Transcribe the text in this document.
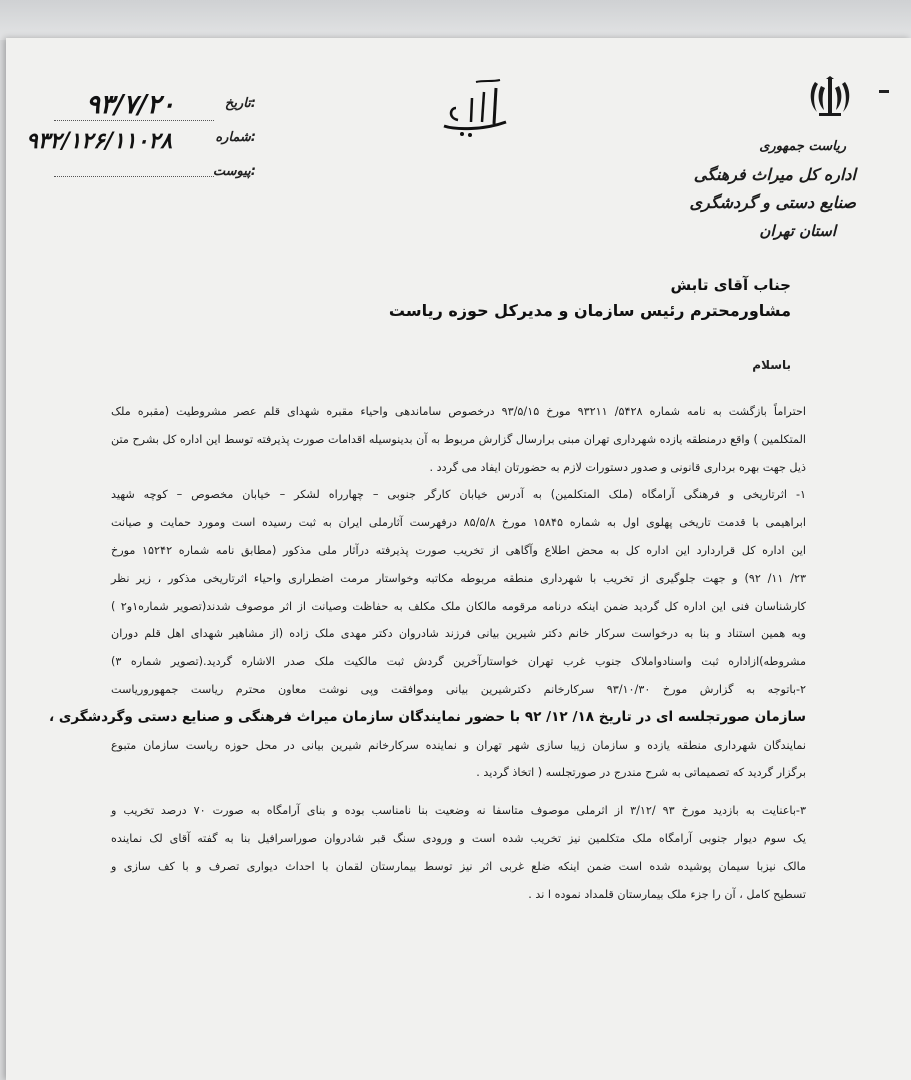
ریاست جمهوری
اداره کل میراث فرهنگی
صنایع دستی و گردشگری
استان تهران
تاریخ:
۹۳/۷/۲۰
شماره:
۹۳۲/۱۲۶/۱۱۰۲۸
پیوست:
جناب آقای تابش
مشاورمحترم رئیس سازمان و مدیرکل حوزه ریاست
باسلام
احتراماً بازگشت به نامه شماره ۵۴۲۸/ ۹۳۲۱۱ مورخ ۹۳/۵/۱۵ درخصوص ساماندهی واحیاء مقبره شهدای قلم عصر مشروطیت (مقبره ملک
المتکلمین ) واقع درمنطقه یازده شهرداری تهران مبنی برارسال گزارش مربوط به آن بدینوسیله اقدامات صورت پذیرفته توسط این اداره کل بشرح متن
ذیل جهت بهره برداری قانونی و صدور دستورات لازم به حضورتان ایفاد می گردد .
۱- اثرتاریخی و فرهنگی آرامگاه (ملک المتکلمین) به آدرس خیابان کارگر جنوبی – چهارراه لشکر – خیابان مخصوص – کوچه شهید
ابراهیمی با قدمت تاریخی پهلوی اول به شماره ۱۵۸۴۵ مورخ ۸۵/۵/۸ درفهرست آثارملی ایران به ثبت رسیده است ومورد حمایت و صیانت
این اداره کل قراردارد این اداره کل به محض اطلاع وآگاهی از تخریب صورت پذیرفته درآثار ملی مذکور (مطابق نامه شماره ۱۵۲۴۲ مورخ
۲۳/ ۱۱/ ۹۲) و جهت جلوگیری از تخریب با شهرداری منطقه مربوطه مکاتبه وخواستار مرمت اضطراری واحیاء اثرتاریخی مذکور ، زیر نظر
کارشناسان فنی این اداره کل گردید ضمن اینکه درنامه مرقومه مالکان ملک مکلف به حفاظت وصیانت از اثر موصوف شدند(تصویر شماره۱و۲ )
وبه همین استناد و بنا به درخواست سرکار خانم دکتر شیرین بیانی فرزند شادروان دکتر مهدی ملک زاده (از مشاهیر شهدای اهل قلم دوران
مشروطه)ازاداره ثبت واسنادواملاک جنوب غرب تهران خواستارآخرین گردش ثبت مالکیت ملک صدر الاشاره گردید.(تصویر شماره ۳)
۲-باتوجه به گزارش مورخ ۹۳/۱۰/۳۰ سرکارخانم دکترشیرین بیانی وموافقت وپی نوشت معاون محترم ریاست جمهوروریاست
سازمان صورتجلسه ای در تاریخ ۱۸/ ۱۲/ ۹۲ با حضور نمایندگان سازمان میراث فرهنگی و صنایع دستی وگردشگری ،
نمایندگان شهرداری منطقه یازده و سازمان زیبا سازی شهر تهران و نماینده سرکارخانم شیرین بیانی در محل حوزه ریاست سازمان متبوع
برگزار گردید که تصمیماتی به شرح مندرج در صورتجلسه ( اتخاذ گردید .
۳-باعنایت به بازدید مورخ ۹۳ /۳/۱۲ از اثرملی موصوف متاسفا نه وضعیت بنا نامناسب بوده و بنای آرامگاه به صورت ۷۰ درصد تخریب و
یک سوم دیوار جنوبی آرامگاه ملک متکلمین نیز تخریب شده است و ورودی سنگ قبر شادروان صوراسرافیل بنا به گفته آقای لک نماینده
مالک نیزبا سیمان پوشیده شده است ضمن اینکه ضلع غربی اثر نیز توسط بیمارستان لقمان با احداث دیواری تصرف و با کف سازی و
تسطیح کامل ، آن را جزء ملک بیمارستان قلمداد نموده ا ند .
